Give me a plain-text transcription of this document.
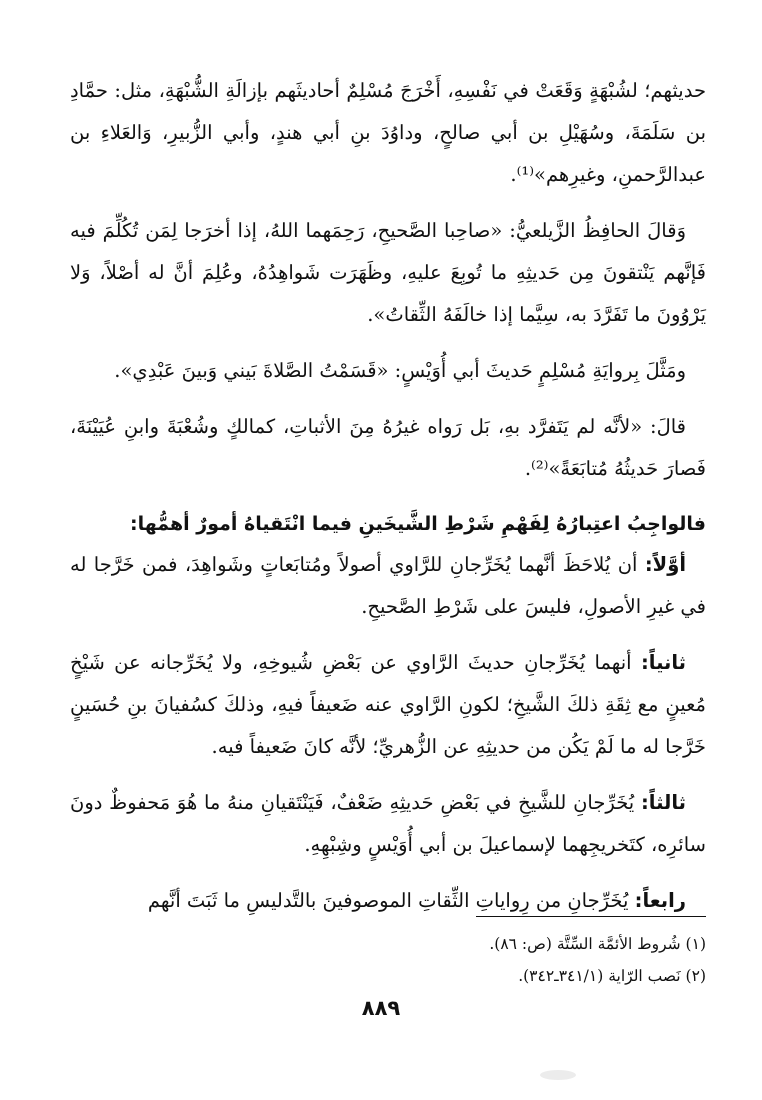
حديثهم؛ لشُبْهَةٍ وَقَعَتْ في نَفْسِهِ، أَخْرَجَ مُسْلِمٌ أحاديثَهم بإزالَةِ الشُّبْهَةِ، مثل: حمَّادِ بن سَلَمَةَ، وسُهَيْلِ بن أبي صالحٍ، وداوُدَ بنِ أبي هندٍ، وأبي الزُّبيرِ، وَالعَلاءِ بن عبدالرَّحمنِ، وغيرِهم»⁽¹⁾.

وَقالَ الحافِظُ الزَّيلعيُّ: «صاحِبا الصَّحيحِ، رَحِمَهما اللهُ، إذا أخرَجا لِمَن تُكُلِّمَ فيه فَإنَّهم يَنْتقونَ مِن حَديثِهِ ما تُوبِعَ عليهِ، وظَهَرَت شَواهِدُهُ، وعُلِمَ أنَّ له أصْلاً، وَلا يَرْوُونَ ما تَفَرَّدَ به، سِيَّما إذا خالَفَهُ الثِّقاتُ».

ومَثَّلَ بِروايَةِ مُسْلِمٍ حَديثَ أبي أُوَيْسٍ: «قَسَمْتُ الصَّلاةَ بَيني وَبينَ عَبْدِي».

قالَ: «لأنَّه لم يَتَفرَّد بهِ، بَل رَواه غيرُهُ مِنَ الأثباتِ، كمالكٍ وشُعْبَةَ وابنِ عُيَيْنَةَ، فَصارَ حَديثُهُ مُتابَعَةً»⁽²⁾.

فالواجِبُ اعتِبارُهُ لِفَهْمِ شَرْطِ الشَّيخَينِ فيما انْتَقياهُ أمورٌ أهمُّها:

أوَّلاً: أن يُلاحَظَ أنَّهما يُخَرِّجانِ للرَّاوي أصولاً ومُتابَعاتٍ وشَواهِدَ، فمن خَرَّجا له في غيرِ الأصولِ، فليسَ على شَرْطِ الصَّحيحِ.

ثانياً: أنهما يُخَرِّجانِ حديثَ الرَّاوي عن بَعْضِ شُيوخِهِ، ولا يُخَرِّجانه عن شَيْخٍ مُعينٍ مع ثِقَةِ ذلكَ الشَّيخِ؛ لكونِ الرَّاوي عنه ضَعيفاً فيهِ، وذلكَ كسُفيانَ بنِ حُسَينٍ خَرَّجا له ما لَمْ يَكُن من حديثِهِ عن الزُّهريِّ؛ لأنَّه كانَ ضَعيفاً فيه.

ثالثاً: يُخَرِّجانِ للشَّيخِ في بَعْضِ حَديثِهِ ضَعْفٌ، فَيَنْتَقيانِ منهُ ما هُوَ مَحفوظٌ دونَ سائرِه، كتَخريجِهما لإسماعيلَ بن أبي أُوَيْسٍ وشِبْهِهِ.

رابعاً: يُخَرِّجانِ من رِواياتِ الثِّقاتِ الموصوفينَ بالتَّدليسِ ما ثَبَتَ أنَّهم

(١) شُروط الأئمَّة السِّتَّة (ص: ٨٦).
(٢) نَصب الرّاية (٣٤١/١ـ٣٤٢).
٨٨٩
